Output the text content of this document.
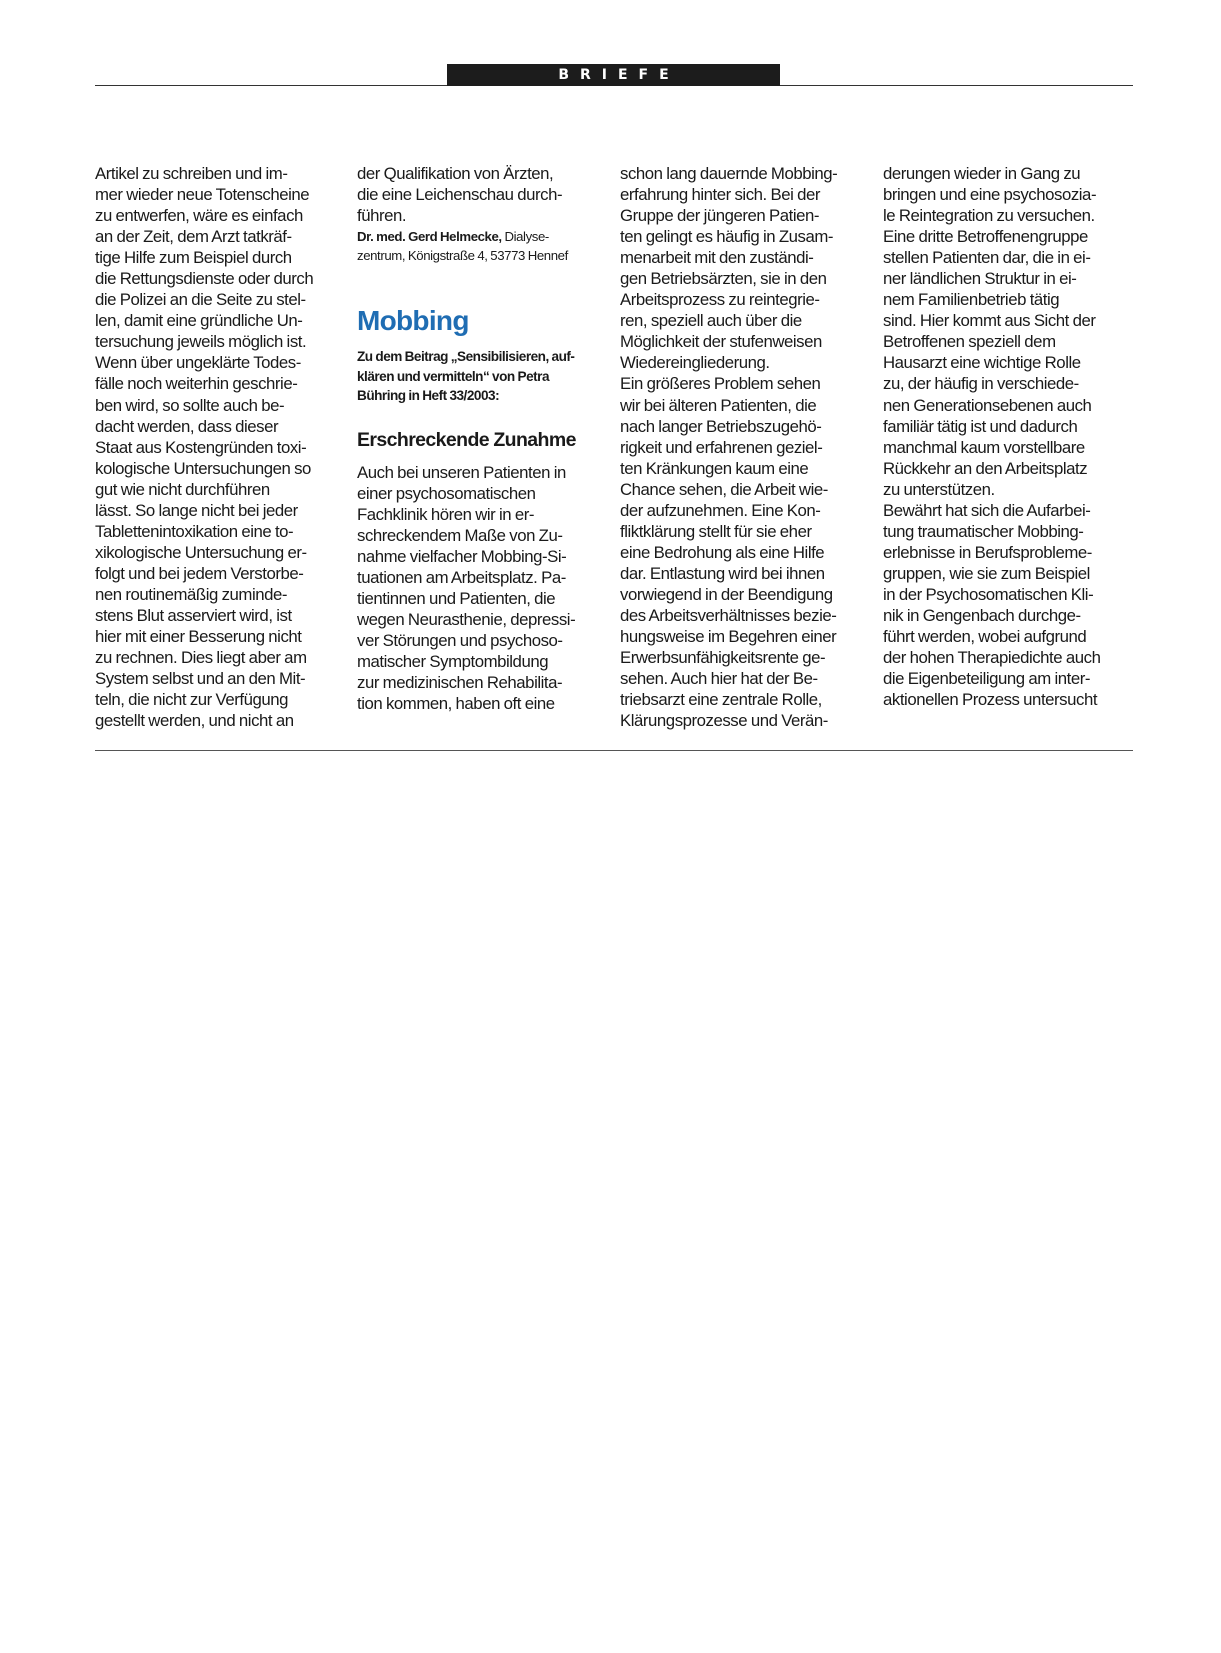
BRIEFE
Artikel zu schreiben und im-
mer wieder neue Totenscheine
zu entwerfen, wäre es einfach
an der Zeit, dem Arzt tatkräf-
tige Hilfe zum Beispiel durch
die Rettungsdienste oder durch
die Polizei an die Seite zu stel-
len, damit eine gründliche Un-
tersuchung jeweils möglich ist.
Wenn über ungeklärte Todes-
fälle noch weiterhin geschrie-
ben wird, so sollte auch be-
dacht werden, dass dieser
Staat aus Kostengründen toxi-
kologische Untersuchungen so
gut wie nicht durchführen
lässt. So lange nicht bei jeder
Tablettenintoxikation eine to-
xikologische Untersuchung er-
folgt und bei jedem Verstorbe-
nen routinemäßig zuminde-
stens Blut asserviert wird, ist
hier mit einer Besserung nicht
zu rechnen. Dies liegt aber am
System selbst und an den Mit-
teln, die nicht zur Verfügung
gestellt werden, und nicht an
der Qualifikation von Ärzten,
die eine Leichenschau durch-
führen.
Dr. med. Gerd Helmecke, Dialyse-
zentrum, Königstraße 4, 53773 Hennef
Mobbing
Zu dem Beitrag „Sensibilisieren, auf-
klären und vermitteln“ von Petra
Bühring in Heft 33/2003:
Erschreckende Zunahme
Auch bei unseren Patienten in
einer psychosomatischen
Fachklinik hören wir in er-
schreckendem Maße von Zu-
nahme vielfacher Mobbing-Si-
tuationen am Arbeitsplatz. Pa-
tientinnen und Patienten, die
wegen Neurasthenie, depressi-
ver Störungen und psychoso-
matischer Symptombildung
zur medizinischen Rehabilita-
tion kommen, haben oft eine
schon lang dauernde Mobbing-
erfahrung hinter sich. Bei der
Gruppe der jüngeren Patien-
ten gelingt es häufig in Zusam-
menarbeit mit den zuständi-
gen Betriebsärzten, sie in den
Arbeitsprozess zu reintegrie-
ren, speziell auch über die
Möglichkeit der stufenweisen
Wiedereingliederung.
Ein größeres Problem sehen
wir bei älteren Patienten, die
nach langer Betriebszugehö-
rigkeit und erfahrenen geziel-
ten Kränkungen kaum eine
Chance sehen, die Arbeit wie-
der aufzunehmen. Eine Kon-
fliktklärung stellt für sie eher
eine Bedrohung als eine Hilfe
dar. Entlastung wird bei ihnen
vorwiegend in der Beendigung
des Arbeitsverhältnisses bezie-
hungsweise im Begehren einer
Erwerbsunfähigkeitsrente ge-
sehen. Auch hier hat der Be-
triebsarzt eine zentrale Rolle,
Klärungsprozesse und Verän-
derungen wieder in Gang zu
bringen und eine psychosozia-
le Reintegration zu versuchen.
Eine dritte Betroffenengruppe
stellen Patienten dar, die in ei-
ner ländlichen Struktur in ei-
nem Familienbetrieb tätig
sind. Hier kommt aus Sicht der
Betroffenen speziell dem
Hausarzt eine wichtige Rolle
zu, der häufig in verschiede-
nen Generationsebenen auch
familiär tätig ist und dadurch
manchmal kaum vorstellbare
Rückkehr an den Arbeitsplatz
zu unterstützen.
Bewährt hat sich die Aufarbei-
tung traumatischer Mobbing-
erlebnisse in Berufsprobleme-
gruppen, wie sie zum Beispiel
in der Psychosomatischen Kli-
nik in Gengenbach durchge-
führt werden, wobei aufgrund
der hohen Therapiedichte auch
die Eigenbeteiligung am inter-
aktionellen Prozess untersucht
